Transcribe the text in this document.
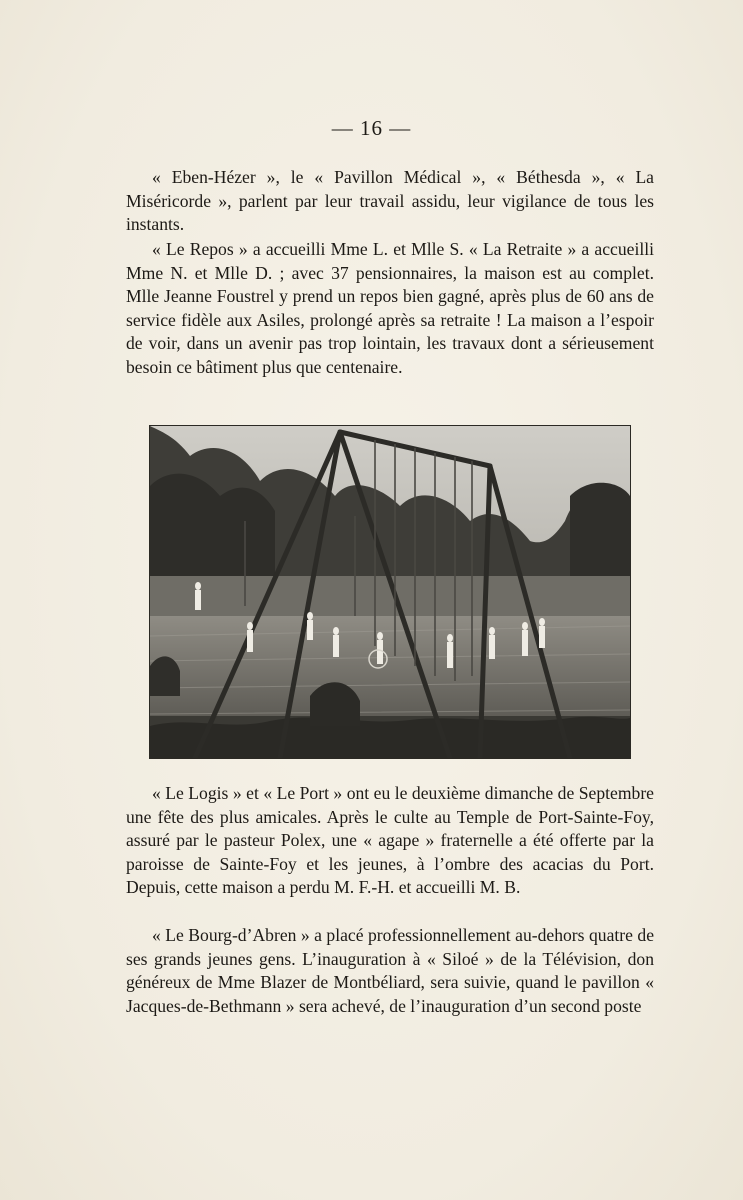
— 16 —

« Eben-Hézer », le « Pavillon Médical », « Béthesda », « La Miséricorde », parlent par leur travail assidu, leur vigilance de tous les instants.

« Le Repos » a accueilli Mme L. et Mlle S. « La Retraite » a accueilli Mme N. et Mlle D. ; avec 37 pensionnaires, la maison est au complet. Mlle Jeanne Foustrel y prend un repos bien gagné, après plus de 60 ans de service fidèle aux Asiles, prolongé après sa retraite ! La maison a l’espoir de voir, dans un avenir pas trop lointain, les travaux dont a sérieusement besoin ce bâtiment plus que centenaire.

« Le Logis » et « Le Port » ont eu le deuxième dimanche de Septembre une fête des plus amicales. Après le culte au Temple de Port-Sainte-Foy, assuré par le pasteur Polex, une « agape » fraternelle a été offerte par la paroisse de Sainte-Foy et les jeunes, à l’ombre des acacias du Port. Depuis, cette maison a perdu M. F.-H. et accueilli M. B.

« Le Bourg-d’Abren » a placé professionnellement au-dehors quatre de ses grands jeunes gens. L’inauguration à « Siloé » de la Télévision, don généreux de Mme Blazer de Montbéliard, sera suivie, quand le pavillon « Jacques-de-Bethmann » sera achevé, de l’inauguration d’un second poste
